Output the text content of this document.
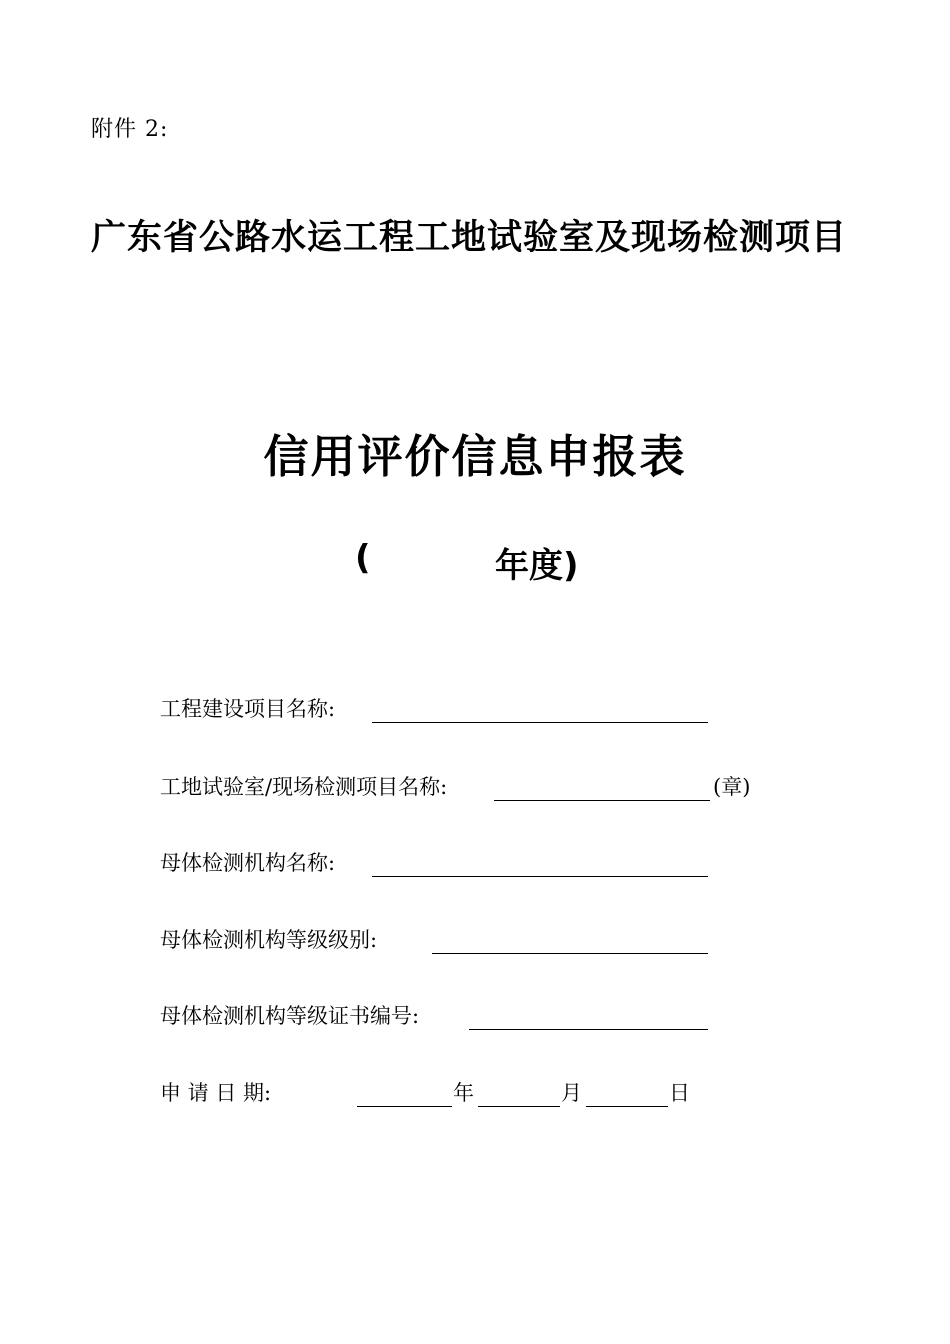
附件 2:
广东省公路水运工程工地试验室及现场检测项目
信用评价信息申报表
(	年度)
工程建设项目名称:
工地试验室/现场检测项目名称:	(章)
母体检测机构名称:
母体检测机构等级级别:
母体检测机构等级证书编号:
申 请 日 期:	年	月	日
